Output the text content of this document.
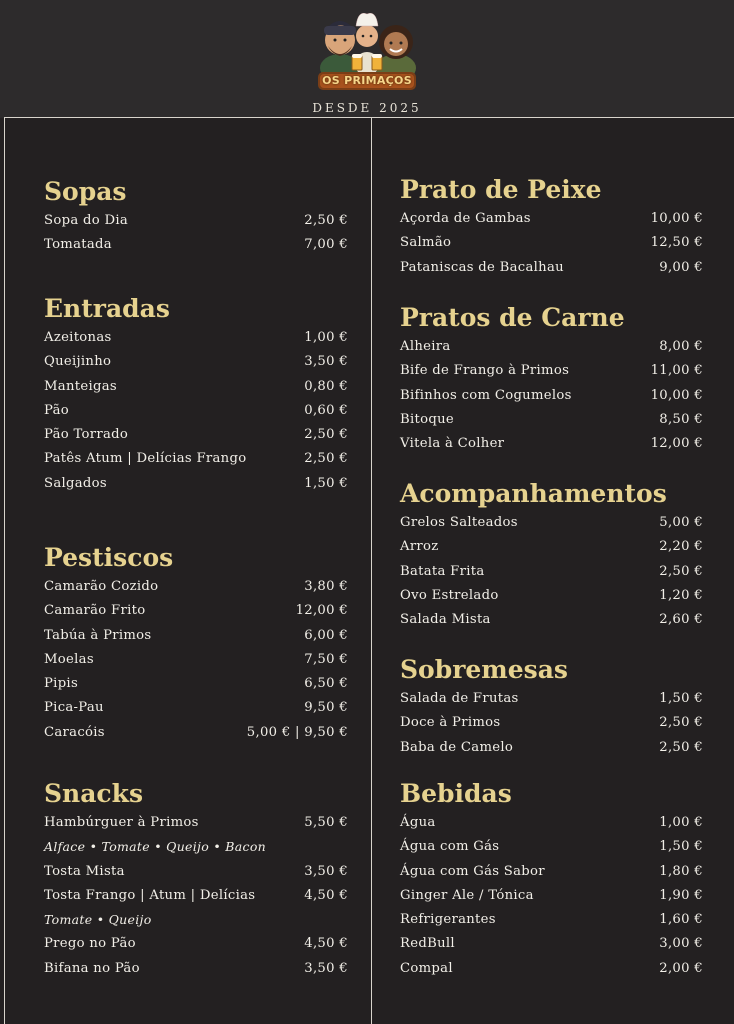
OS PRIMAÇOS
DESDE 2025
Sopas
Sopa do Dia	2,50 €
Tomatada	7,00 €
Entradas
Azeitonas	1,00 €
Queijinho	3,50 €
Manteigas	0,80 €
Pão	0,60 €
Pão Torrado	2,50 €
Patês Atum | Delícias Frango	2,50 €
Salgados	1,50 €
Pestiscos
Camarão Cozido	3,80 €
Camarão Frito	12,00 €
Tabúa à Primos	6,00 €
Moelas	7,50 €
Pipis	6,50 €
Pica-Pau	9,50 €
Caracóis	5,00 € | 9,50 €
Snacks
Hambúrguer à Primos	5,50 €
Alface • Tomate • Queijo • Bacon
Tosta Mista	3,50 €
Tosta Frango | Atum | Delícias	4,50 €
Tomate • Queijo
Prego no Pão	4,50 €
Bifana no Pão	3,50 €
Prato de Peixe
Açorda de Gambas	10,00 €
Salmão	12,50 €
Pataniscas de Bacalhau	9,00 €
Pratos de Carne
Alheira	8,00 €
Bife de Frango à Primos	11,00 €
Bifinhos com Cogumelos	10,00 €
Bitoque	8,50 €
Vitela à Colher	12,00 €
Acompanhamentos
Grelos Salteados	5,00 €
Arroz	2,20 €
Batata Frita	2,50 €
Ovo Estrelado	1,20 €
Salada Mista	2,60 €
Sobremesas
Salada de Frutas	1,50 €
Doce à Primos	2,50 €
Baba de Camelo	2,50 €
Bebidas
Água	1,00 €
Água com Gás	1,50 €
Água com Gás Sabor	1,80 €
Ginger Ale / Tónica	1,90 €
Refrigerantes	1,60 €
RedBull	3,00 €
Compal	2,00 €
